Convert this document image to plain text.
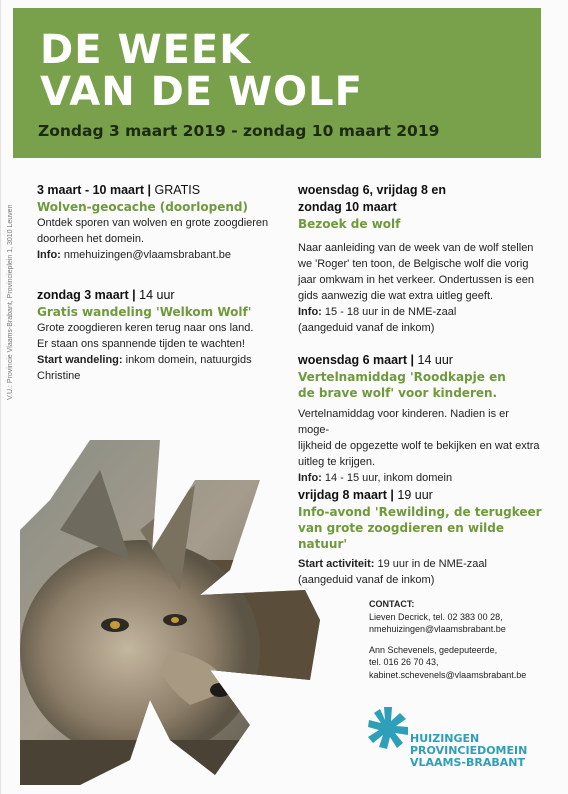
DE WEEK
VAN DE WOLF
Zondag 3 maart 2019 - zondag 10 maart 2019
V.U.: Provincie Vlaams-Brabant, Provincieplein 1, 3010 Leuven
3 maart - 10 maart | GRATIS
Wolven-geocache (doorlopend)
Ontdek sporen van wolven en grote zoogdieren
doorheen het domein.
Info: nmehuizingen@vlaamsbrabant.be
zondag 3 maart | 14 uur
Gratis wandeling 'Welkom Wolf'
Grote zoogdieren keren terug naar ons land.
Er staan ons spannende tijden te wachten!
Start wandeling: inkom domein, natuurgids
Christine
woensdag 6, vrijdag 8 en
zondag 10 maart
Bezoek de wolf
Naar aanleiding van de week van de wolf stellen
we 'Roger' ten toon, de Belgische wolf die vorig
jaar omkwam in het verkeer. Ondertussen is een
gids aanwezig die wat extra uitleg geeft.
Info: 15 - 18 uur in de NME-zaal
(aangeduid vanaf de inkom)
woensdag 6 maart | 14 uur
Vertelnamiddag 'Roodkapje en
de brave wolf' voor kinderen.
Vertelnamiddag voor kinderen. Nadien is er moge-
lijkheid de opgezette wolf te bekijken en wat extra
uitleg te krijgen.
Info: 14 - 15 uur, inkom domein
vrijdag 8 maart | 19 uur
Info-avond 'Rewilding, de terugkeer
van grote zoogdieren en wilde natuur'
Start activiteit: 19 uur in de NME-zaal
(aangeduid vanaf de inkom)
CONTACT:
Lieven Decrick, tel. 02 383 00 28,
nmehuizingen@vlaamsbrabant.be
Ann Schevenels, gedeputeerde,
tel. 016 26 70 43,
kabinet.schevenels@vlaamsbrabant.be
HUIZINGEN
PROVINCIEDOMEIN
VLAAMS-BRABANT
